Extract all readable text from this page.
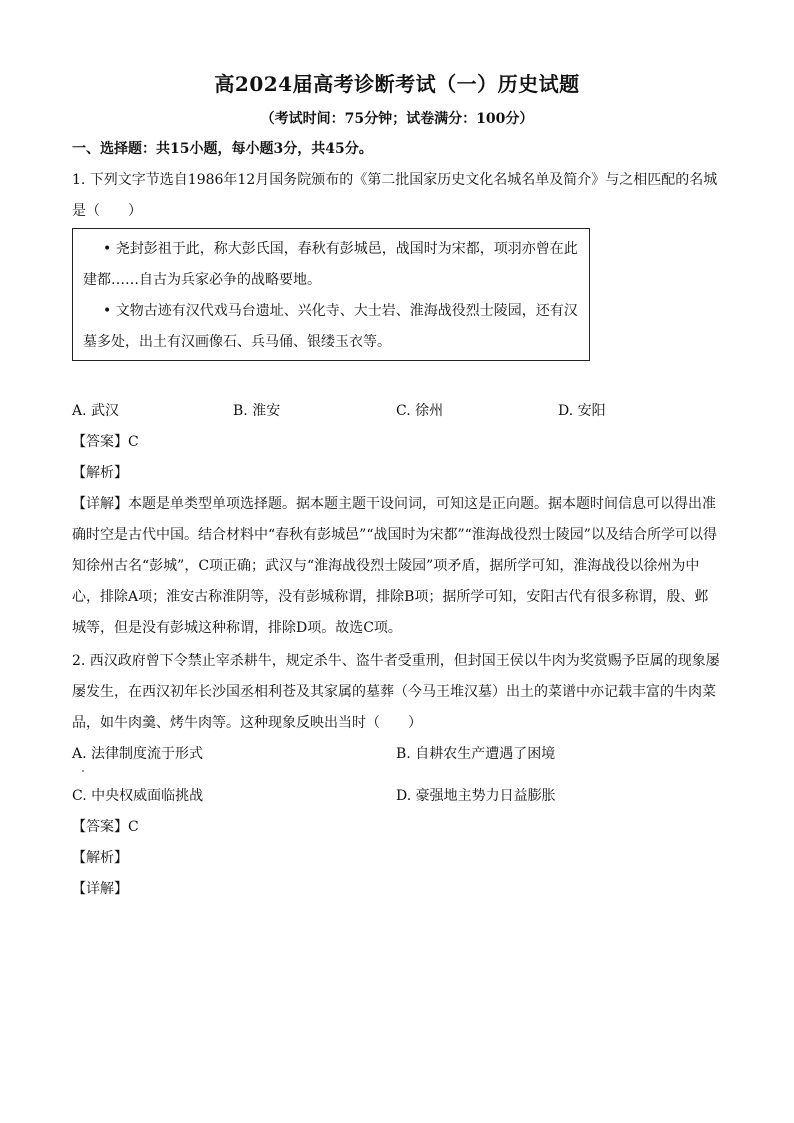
高2024届高考诊断考试（一）历史试题
（考试时间：75分钟；试卷满分：100分）
一、选择题：共15小题，每小题3分，共45分。
1. 下列文字节选自1986年12月国务院颁布的《第二批国家历史文化名城名单及简介》与之相匹配的名城
是（　　）
• 尧封彭祖于此，称大彭氏国，春秋有彭城邑，战国时为宋都，项羽亦曾在此
建都……自古为兵家必争的战略要地。
• 文物古迹有汉代戏马台遗址、兴化寺、大士岩、淮海战役烈士陵园，还有汉
墓多处，出土有汉画像石、兵马俑、银缕玉衣等。
A. 武汉	B. 淮安	C. 徐州	D. 安阳
【答案】C
【解析】
【详解】本题是单类型单项选择题。据本题主题干设问词，可知这是正向题。据本题时间信息可以得出准
确时空是古代中国。结合材料中“春秋有彭城邑”“战国时为宋都”“淮海战役烈士陵园”以及结合所学可以得
知徐州古名“彭城”，C项正确；武汉与“淮海战役烈士陵园”项矛盾，据所学可知，淮海战役以徐州为中
心，排除A项；淮安古称淮阴等，没有彭城称谓，排除B项；据所学可知，安阳古代有很多称谓，殷、邺
城等，但是没有彭城这种称谓，排除D项。故选C项。
2. 西汉政府曾下令禁止宰杀耕牛，规定杀牛、盗牛者受重刑，但封国王侯以牛肉为奖赏赐予臣属的现象屡
屡发生，在西汉初年长沙国丞相利苍及其家属的墓葬（今马王堆汉墓）出土的菜谱中亦记载丰富的牛肉菜
品，如牛肉羹、烤牛肉等。这种现象反映出当时（　　）
A. 法律制度流于形式	B. 自耕农生产遭遇了困境
C. 中央权威面临挑战	D. 豪强地主势力日益膨胀
【答案】C
【解析】
【详解】
